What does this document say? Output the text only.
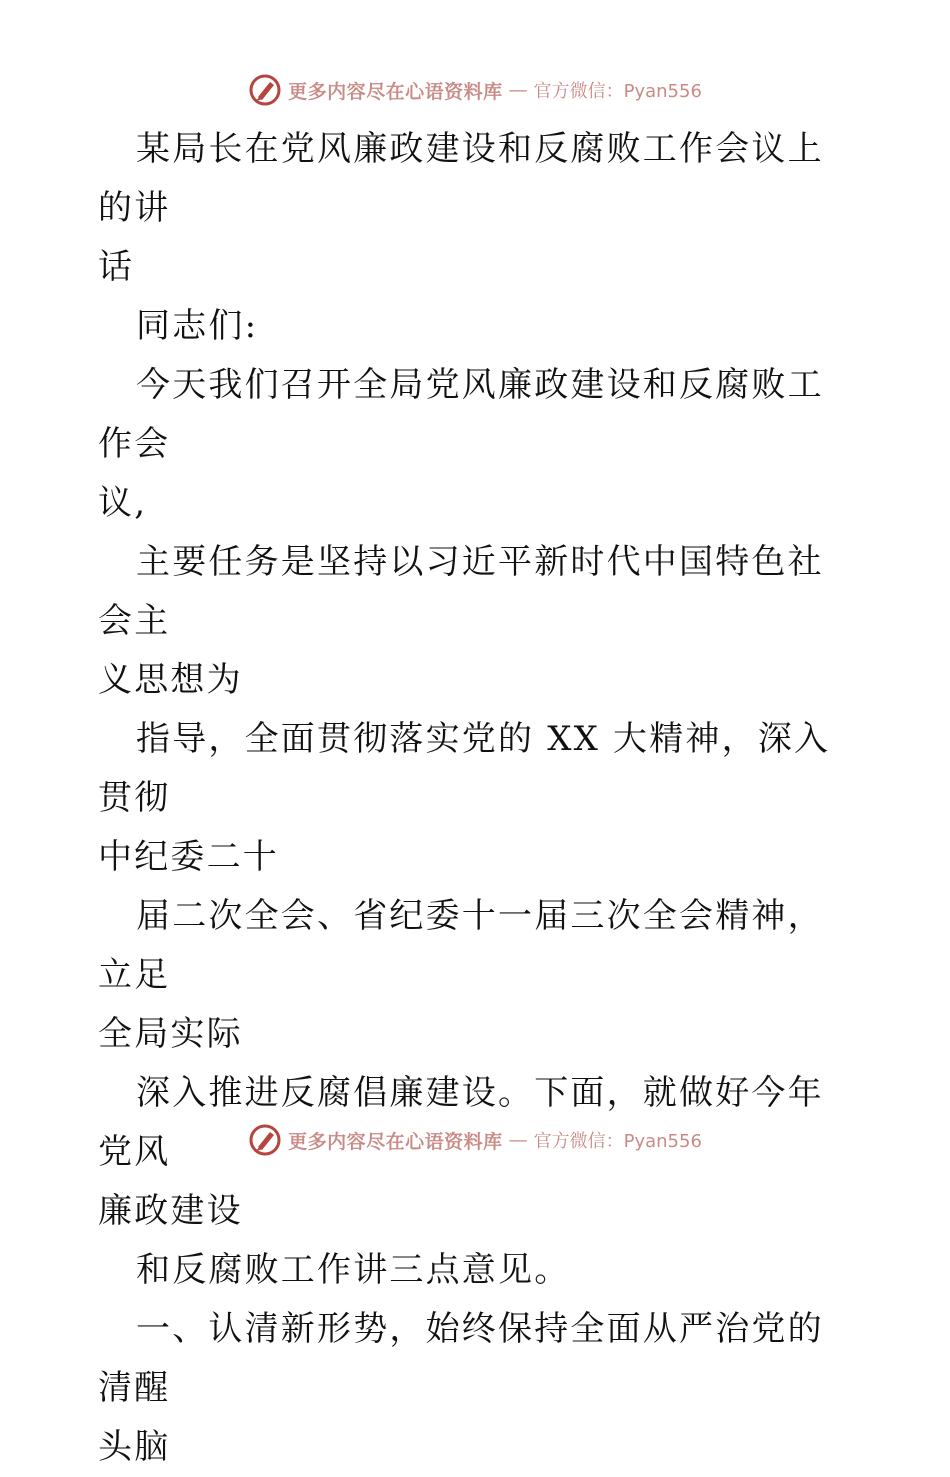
更多内容尽在心语资料库 — 官方微信：Pyan556

某局长在党风廉政建设和反腐败工作会议上的讲

话

同志们:

今天我们召开全局党风廉政建设和反腐败工作会

议,

主要任务是坚持以习近平新时代中国特色社会主

义思想为

指导，全面贯彻落实党的 XX 大精神，深入贯彻

中纪委二十

届二次全会、省纪委十一届三次全会精神，立足

全局实际

深入推进反腐倡廉建设。下面，就做好今年党风

廉政建设

和反腐败工作讲三点意见。

一、认清新形势，始终保持全面从严治党的清醒

头脑

更多内容尽在心语资料库 — 官方微信：Pyan556
